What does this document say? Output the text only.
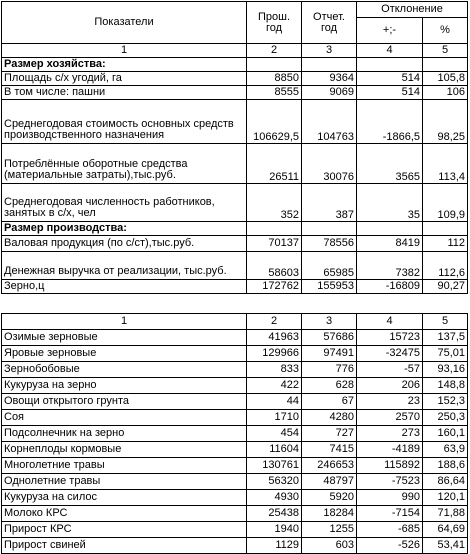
Показатели	Прош. год	Отчет. год	Отклонение	
			+;-	%
1	2	3	4	5
Размер хозяйства:				
Площадь с/х угодий, га	8850	9364	514	105,8
В том числе: пашни	8555	9069	514	106
Среднегодовая стоимость основных средств производственного назначения	106629,5	104763	-1866,5	98,25
Потреблённые оборотные средства (материальные затраты),тыс.руб.	26511	30076	3565	113,4
Среднегодовая численность работников, занятых в с/х, чел	352	387	35	109,9
Размер производства:				
Валовая продукция (по с/ст),тыс.руб.	70137	78556	8419	112
Денежная выручка от реализации, тыс.руб.	58603	65985	7382	112,6
Зерно,ц	172762	155953	-16809	90,27
1	2	3	4	5
Озимые зерновые	41963	57686	15723	137,5
Яровые зерновые	129966	97491	-32475	75,01
Зернобобовые	833	776	-57	93,16
Кукуруза на зерно	422	628	206	148,8
Овощи открытого грунта	44	67	23	152,3
Соя	1710	4280	2570	250,3
Подсолнечник на зерно	454	727	273	160,1
Корнеплоды кормовые	11604	7415	-4189	63,9
Многолетние травы	130761	246653	115892	188,6
Однолетние травы	56320	48797	-7523	86,64
Кукуруза на силос	4930	5920	990	120,1
Молоко КРС	25438	18284	-7154	71,88
Прирост КРС	1940	1255	-685	64,69
Прирост свиней	1129	603	-526	53,41
